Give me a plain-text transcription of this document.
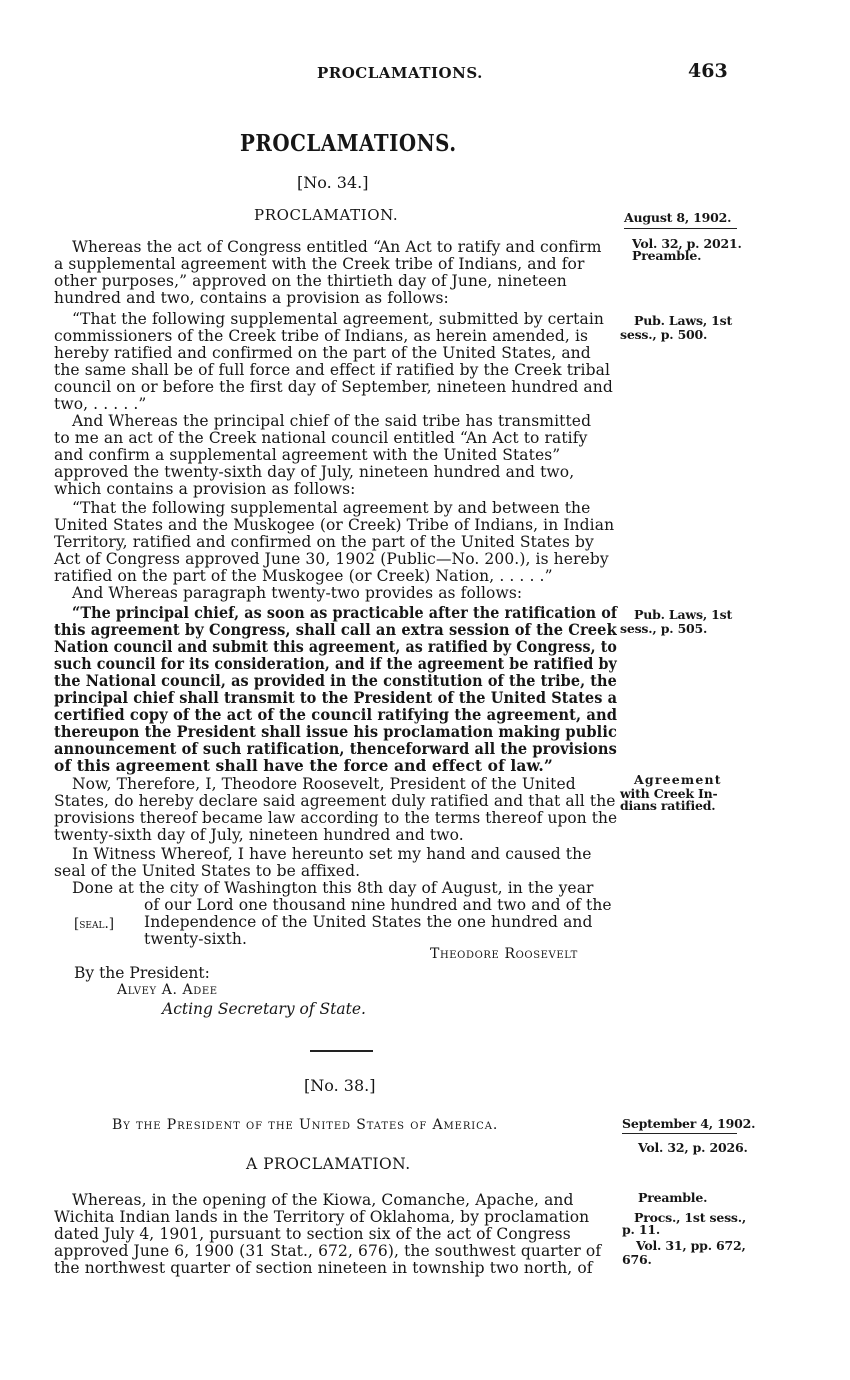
PROCLAMATIONS.	463
PROCLAMATIONS.
[No. 34.]
PROCLAMATION.	August 8, 1902.
Vol. 32, p. 2021.
Preamble.
Pub. Laws, 1st
sess., p. 500.
Pub. Laws, 1st
sess., p. 505.
Agreement
with Creek In-
dians ratified.
Whereas the act of Congress entitled “An Act to ratify and confirm
a supplemental agreement with the Creek tribe of Indians, and for
other purposes,” approved on the thirtieth day of June, nineteen
hundred and two, contains a provision as follows:
“That the following supplemental agreement, submitted by certain
commissioners of the Creek tribe of Indians, as herein amended, is
hereby ratified and confirmed on the part of the United States, and
the same shall be of full force and effect if ratified by the Creek tribal
council on or before the first day of September, nineteen hundred and
two, . . . . .”
And Whereas the principal chief of the said tribe has transmitted
to me an act of the Creek national council entitled “An Act to ratify
and confirm a supplemental agreement with the United States”
approved the twenty-sixth day of July, nineteen hundred and two,
which contains a provision as follows:
“That the following supplemental agreement by and between the
United States and the Muskogee (or Creek) Tribe of Indians, in Indian
Territory, ratified and confirmed on the part of the United States by
Act of Congress approved June 30, 1902 (Public—No. 200.), is hereby
ratified on the part of the Muskogee (or Creek) Nation, . . . . .”
And Whereas paragraph twenty-two provides as follows:
“The principal chief, as soon as practicable after the ratification of
this agreement by Congress, shall call an extra session of the Creek
Nation council and submit this agreement, as ratified by Congress, to
such council for its consideration, and if the agreement be ratified by
the National council, as provided in the constitution of the tribe, the
principal chief shall transmit to the President of the United States a
certified copy of the act of the council ratifying the agreement, and
thereupon the President shall issue his proclamation making public
announcement of such ratification, thenceforward all the provisions
of this agreement shall have the force and effect of law.”
Now, Therefore, I, Theodore Roosevelt, President of the United
States, do hereby declare said agreement duly ratified and that all the
provisions thereof became law according to the terms thereof upon the
twenty-sixth day of July, nineteen hundred and two.
In Witness Whereof, I have hereunto set my hand and caused the
seal of the United States to be affixed.
Done at the city of Washington this 8th day of August, in the year
of our Lord one thousand nine hundred and two and of the
Independence of the United States the one hundred and
twenty-sixth.
[seal.]
Theodore Roosevelt
By the President:
Alvey A. Adee
Acting Secretary of State.
[No. 38.]
By the President of the United States of America.	September 4, 1902.
Vol. 32, p. 2026.
A PROCLAMATION.
Preamble.
Procs., 1st sess.,
p. 11.
Vol. 31, pp. 672,
676.
Whereas, in the opening of the Kiowa, Comanche, Apache, and
Wichita Indian lands in the Territory of Oklahoma, by proclamation
dated July 4, 1901, pursuant to section six of the act of Congress
approved June 6, 1900 (31 Stat., 672, 676), the southwest quarter of
the northwest quarter of section nineteen in township two north, of
